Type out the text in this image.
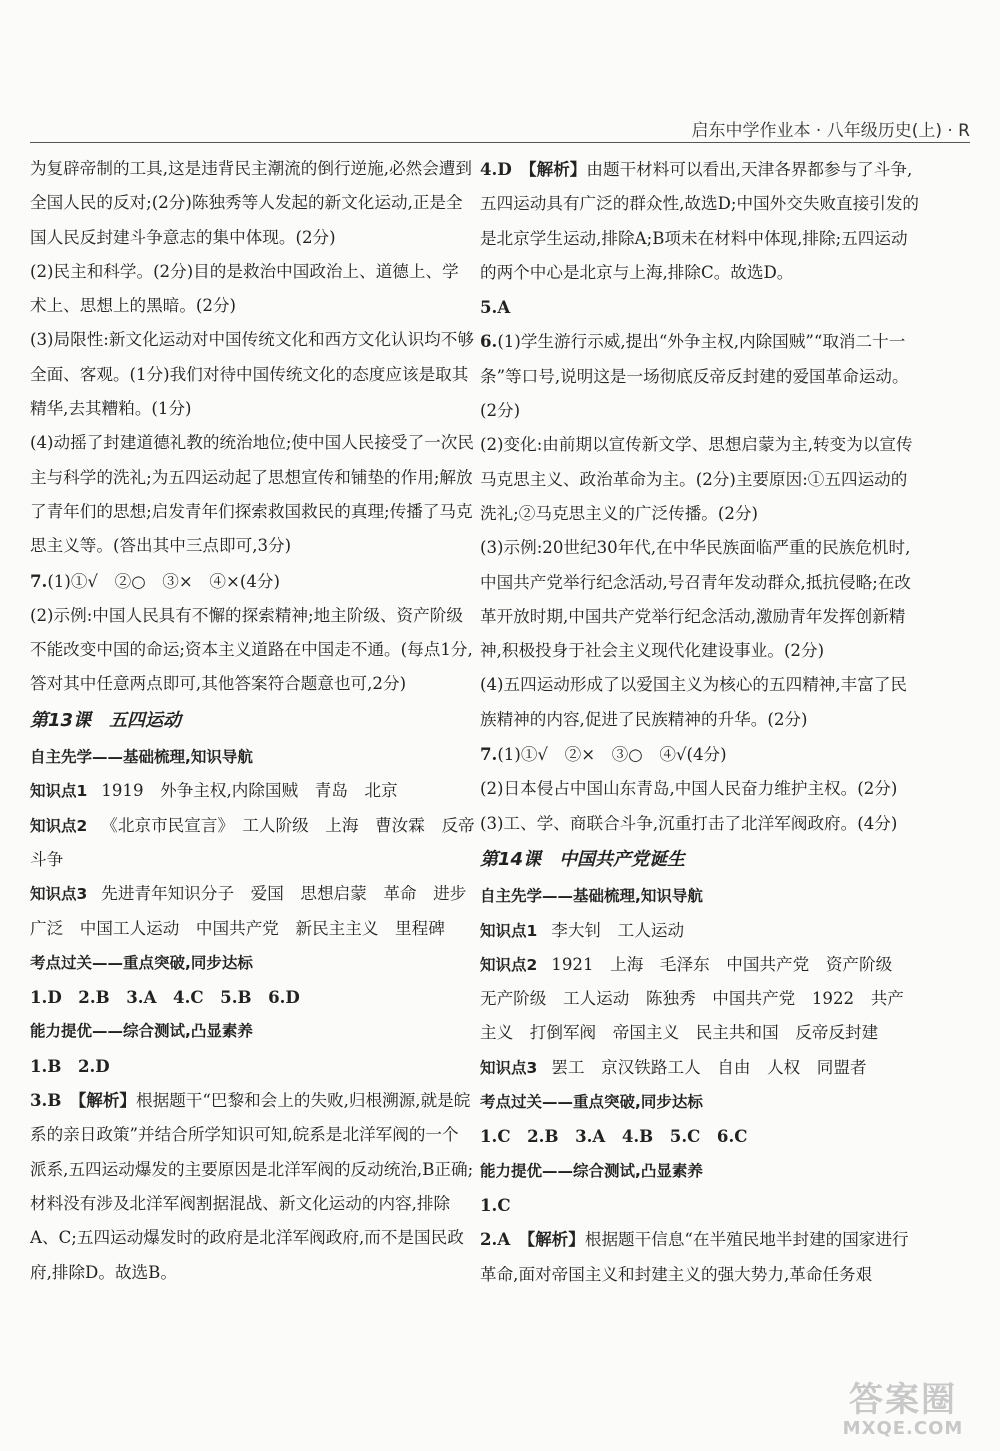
启东中学作业本 · 八年级历史(上) · R

为复辟帝制的工具,这是违背民主潮流的倒行逆施,必然会遭到全国人民的反对;(2分)陈独秀等人发起的新文化运动,正是全国人民反封建斗争意志的集中体现。(2分)

(2)民主和科学。(2分)目的是救治中国政治上、道德上、学术上、思想上的黑暗。(2分)

(3)局限性:新文化运动对中国传统文化和西方文化认识均不够全面、客观。(1分)我们对待中国传统文化的态度应该是取其精华,去其糟粕。(1分)

(4)动摇了封建道德礼教的统治地位;使中国人民接受了一次民主与科学的洗礼;为五四运动起了思想宣传和铺垫的作用;解放了青年们的思想;启发青年们探索救国救民的真理;传播了马克思主义等。(答出其中三点即可,3分)

7.(1)①√　②○　③×　④×(4分)

(2)示例:中国人民具有不懈的探索精神;地主阶级、资产阶级不能改变中国的命运;资本主义道路在中国走不通。(每点1分,答对其中任意两点即可,其他答案符合题意也可,2分)

第13课 五四运动

自主先学——基础梳理,知识导航

知识点1 1919　外争主权,内除国贼　青岛　北京

知识点2 《北京市民宣言》　工人阶级　上海　曹汝霖　反帝斗争

知识点3 先进青年知识分子　爱国　思想启蒙　革命　进步　广泛　中国工人运动　中国共产党　新民主主义　里程碑

考点过关——重点突破,同步达标

1.D　2.B　3.A　4.C　5.B　6.D

能力提优——综合测试,凸显素养

1.B　2.D

3.B　【解析】根据题干“巴黎和会上的失败,归根溯源,就是皖系的亲日政策”并结合所学知识可知,皖系是北洋军阀的一个派系,五四运动爆发的主要原因是北洋军阀的反动统治,B正确;材料没有涉及北洋军阀割据混战、新文化运动的内容,排除A、C;五四运动爆发时的政府是北洋军阀政府,而不是国民政府,排除D。故选B。

4.D　【解析】由题干材料可以看出,天津各界都参与了斗争,五四运动具有广泛的群众性,故选D;中国外交失败直接引发的是北京学生运动,排除A;B项未在材料中体现,排除;五四运动的两个中心是北京与上海,排除C。故选D。

5.A

6.(1)学生游行示威,提出“外争主权,内除国贼”“取消二十一条”等口号,说明这是一场彻底反帝反封建的爱国革命运动。(2分)

(2)变化:由前期以宣传新文学、思想启蒙为主,转变为以宣传马克思主义、政治革命为主。(2分)主要原因:①五四运动的洗礼;②马克思主义的广泛传播。(2分)

(3)示例:20世纪30年代,在中华民族面临严重的民族危机时,中国共产党举行纪念活动,号召青年发动群众,抵抗侵略;在改革开放时期,中国共产党举行纪念活动,激励青年发挥创新精神,积极投身于社会主义现代化建设事业。(2分)

(4)五四运动形成了以爱国主义为核心的五四精神,丰富了民族精神的内容,促进了民族精神的升华。(2分)

7.(1)①√　②×　③○　④√(4分)

(2)日本侵占中国山东青岛,中国人民奋力维护主权。(2分)

(3)工、学、商联合斗争,沉重打击了北洋军阀政府。(4分)

第14课 中国共产党诞生

自主先学——基础梳理,知识导航

知识点1 李大钊　工人运动

知识点2 1921　上海　毛泽东　中国共产党　资产阶级　无产阶级　工人运动　陈独秀　中国共产党　1922　共产主义　打倒军阀　帝国主义　民主共和国　反帝反封建

知识点3 罢工　京汉铁路工人　自由　人权　同盟者

考点过关——重点突破,同步达标

1.C　2.B　3.A　4.B　5.C　6.C

能力提优——综合测试,凸显素养

1.C

2.A　【解析】根据题干信息“在半殖民地半封建的国家进行革命,面对帝国主义和封建主义的强大势力,革命任务艰

答案圈
MXQE.COM
